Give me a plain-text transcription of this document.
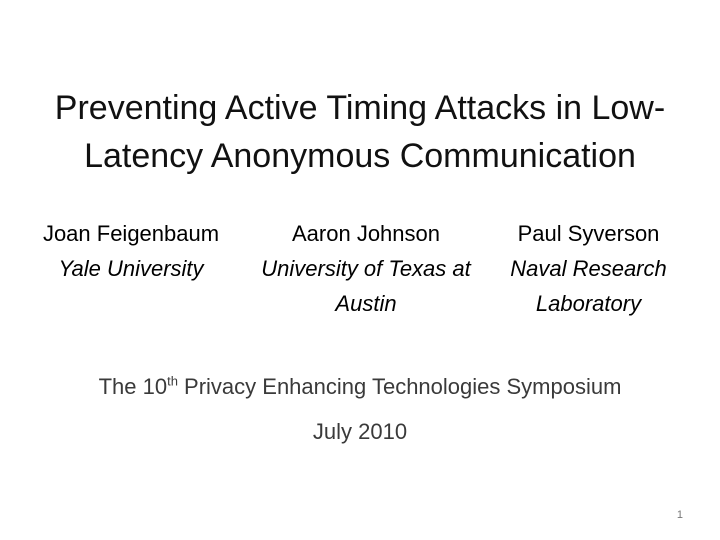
Preventing Active Timing Attacks in Low-Latency Anonymous Communication
Joan Feigenbaum
Yale University
Aaron Johnson
University of Texas at Austin
Paul Syverson
Naval Research Laboratory
The 10th Privacy Enhancing Technologies Symposium
July 2010
1
